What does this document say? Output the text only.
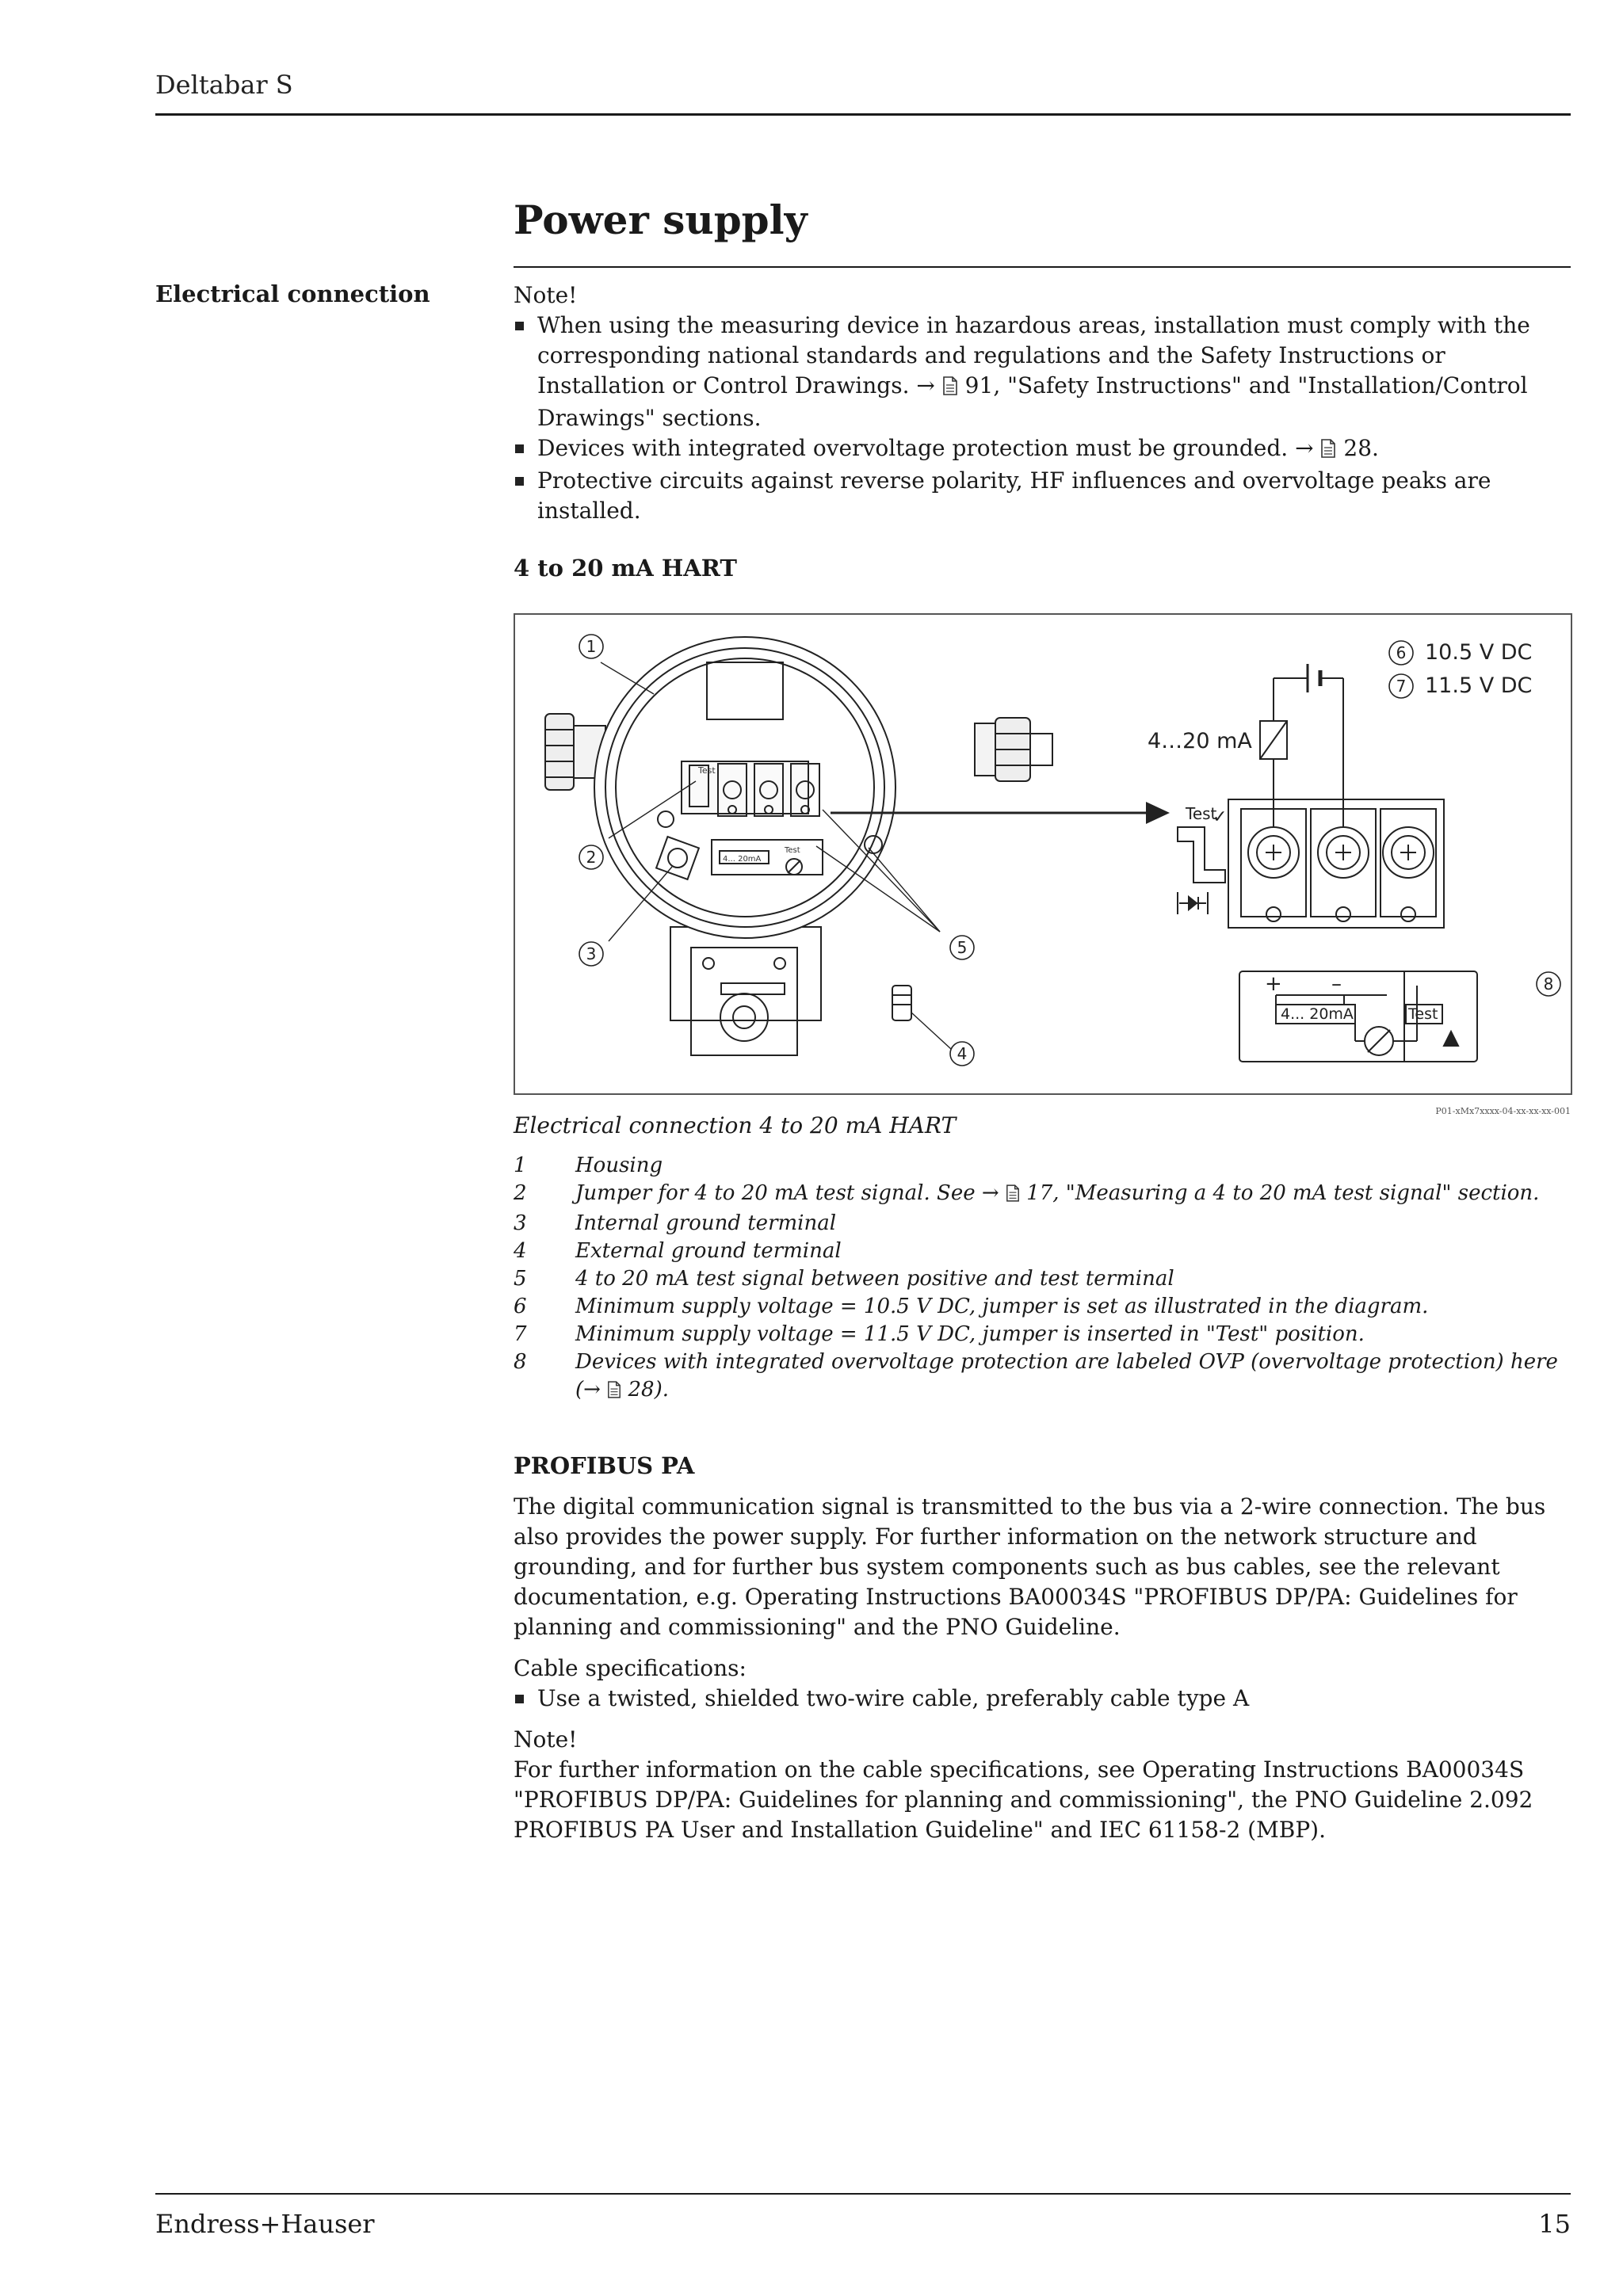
Deltabar S
Power supply
Electrical connection	Note!
When using the measuring device in hazardous areas, installation must comply with the corresponding national standards and regulations and the Safety Instructions or Installation or Control Drawings. →  91, "Safety Instructions" and "Installation/Control Drawings" sections.
Devices with integrated overvoltage protection must be grounded. →  28.
Protective circuits against reverse polarity, HF influences and overvoltage peaks are installed.
4 to 20 mA HART
Test
4... 20mA
Test
Test
✓
4…20 mA
10.5 V DC
11.5 V DC
+ –
4... 20mA	Test
1
2
3
4
5
6
7
8
P01-xMx7xxxx-04-xx-xx-xx-001
Electrical connection 4 to 20 mA HART
1	Housing
2	Jumper for 4 to 20 mA test signal. See →  17, "Measuring a 4 to 20 mA test signal" section.
3	Internal ground terminal
4	External ground terminal
5	4 to 20 mA test signal between positive and test terminal
6	Minimum supply voltage = 10.5 V DC, jumper is set as illustrated in the diagram.
7	Minimum supply voltage = 11.5 V DC, jumper is inserted in "Test" position.
8	Devices with integrated overvoltage protection are labeled OVP (overvoltage protection) here (→  28).
PROFIBUS PA
The digital communication signal is transmitted to the bus via a 2-wire connection. The bus also provides the power supply. For further information on the network structure and grounding, and for further bus system components such as bus cables, see the relevant documentation, e.g. Operating Instructions BA00034S "PROFIBUS DP/PA: Guidelines for planning and commissioning" and the PNO Guideline.
Cable specifications:
Use a twisted, shielded two-wire cable, preferably cable type A
Note!
For further information on the cable specifications, see Operating Instructions BA00034S
"PROFIBUS DP/PA: Guidelines for planning and commissioning", the PNO Guideline 2.092
PROFIBUS PA User and Installation Guideline" and IEC 61158-2 (MBP).
Endress+Hauser	15
